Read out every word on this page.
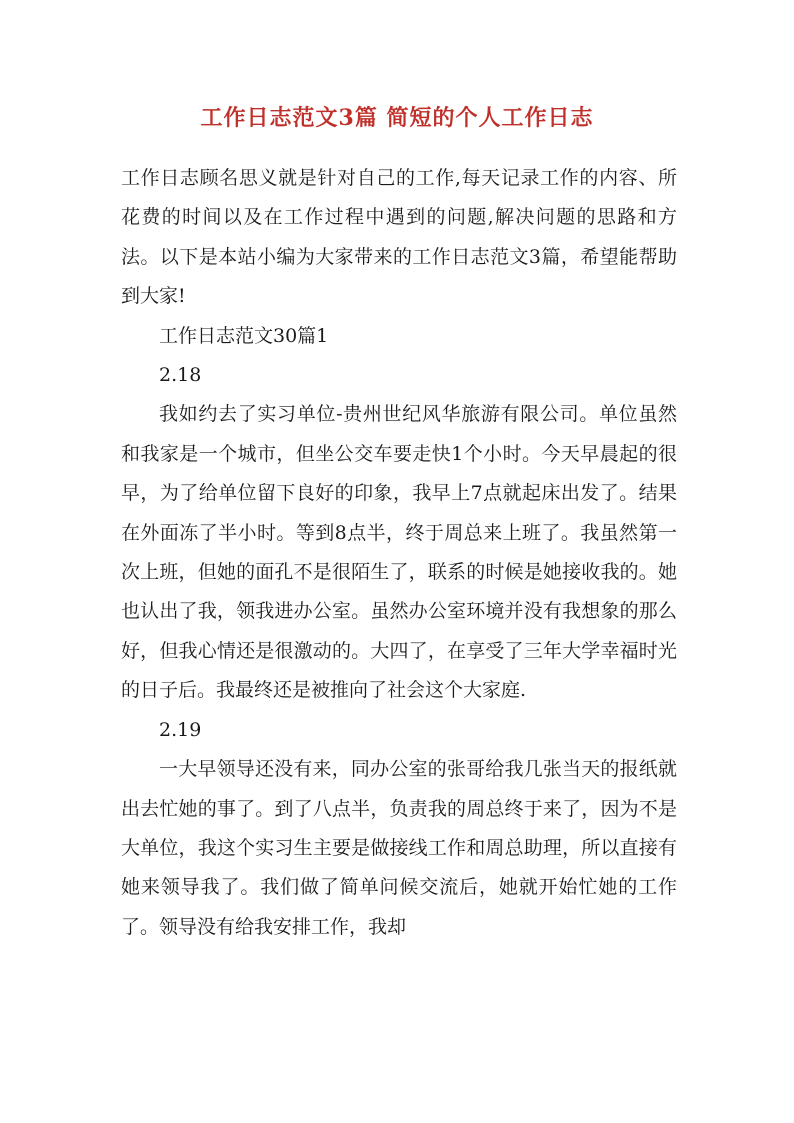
工作日志范文3篇 简短的个人工作日志

工作日志顾名思义就是针对自己的工作,每天记录工作的内容、所花费的时间以及在工作过程中遇到的问题,解决问题的思路和方法。以下是本站小编为大家带来的工作日志范文3篇，希望能帮助到大家!

工作日志范文30篇1

2.18

我如约去了实习单位-贵州世纪风华旅游有限公司。单位虽然和我家是一个城市，但坐公交车要走快1个小时。今天早晨起的很早，为了给单位留下良好的印象，我早上7点就起床出发了。结果在外面冻了半小时。等到8点半，终于周总来上班了。我虽然第一次上班，但她的面孔不是很陌生了，联系的时候是她接收我的。她也认出了我，领我进办公室。虽然办公室环境并没有我想象的那么好，但我心情还是很激动的。大四了，在享受了三年大学幸福时光的日子后。我最终还是被推向了社会这个大家庭.

2.19

一大早领导还没有来，同办公室的张哥给我几张当天的报纸就出去忙她的事了。到了八点半，负责我的周总终于来了，因为不是大单位，我这个实习生主要是做接线工作和周总助理，所以直接有她来领导我了。我们做了简单问候交流后，她就开始忙她的工作了。领导没有给我安排工作，我却
